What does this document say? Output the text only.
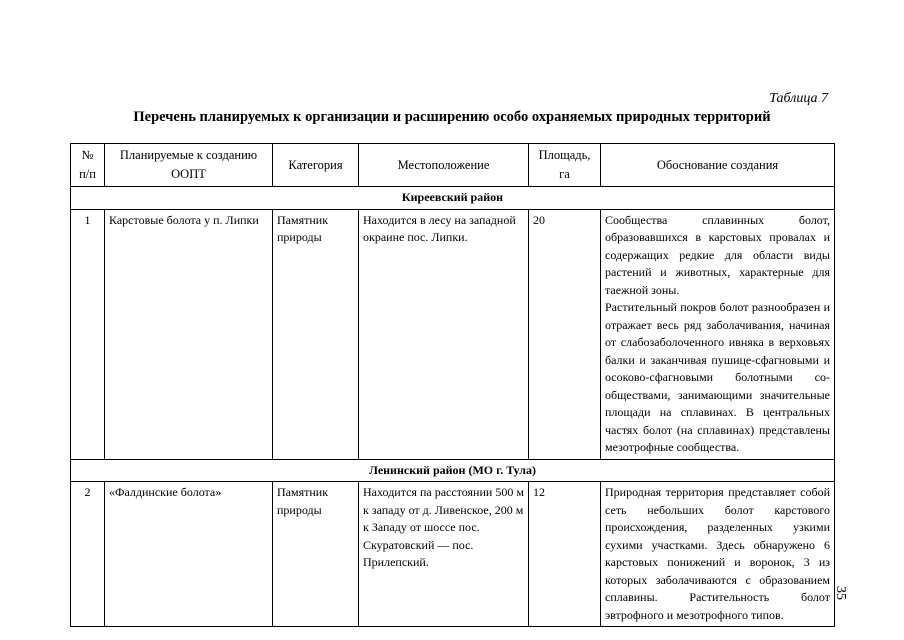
Таблица 7
Перечень планируемых к организации и расширению особо охраняемых природных территорий
№ п/п	Планируемые к созданию ООПТ	Категория	Местоположение	Площадь, га	Обоснование создания
Киреевский район					
1	Карстовые болота у п. Липки	Памятник природы	Находится в лесу на западной окраине пос. Липки.	20	Сообщества сплавинных болот, образовавшихся в карстовых провалах и содержащих редкие для области виды растений и животных, характерные для таежной зоны.

Растительный покров болот разнообразен и отражает весь ряд заболачивания, начиная от слабозаболоченного ивняка в верховьях балки и заканчивая пушице-сфагновыми и осоково-сфагновыми болотными сообществами, занимающими значительные площади на сплавинах. В центральных частях болот (на сплавинах) представлены мезотрофные сообщества.

Ленинский район (МО г. Тула)					
2	«Фалдинские болота»	Памятник природы	Находится па расстоянии 500 м к западу от д. Ливенское, 200 м к Западу от шоссе пос. Скуратовский — пос. Прилепский.	12	Природная территория представляет собой сеть небольших болот карстового происхождения, разделенных узкими сухими участками. Здесь обнаружено 6 карстовых понижений и воронок, 3 из которых заболачиваются с образованием сплавины. Растительность болот эвтрофного и мезотрофного типов.

35
